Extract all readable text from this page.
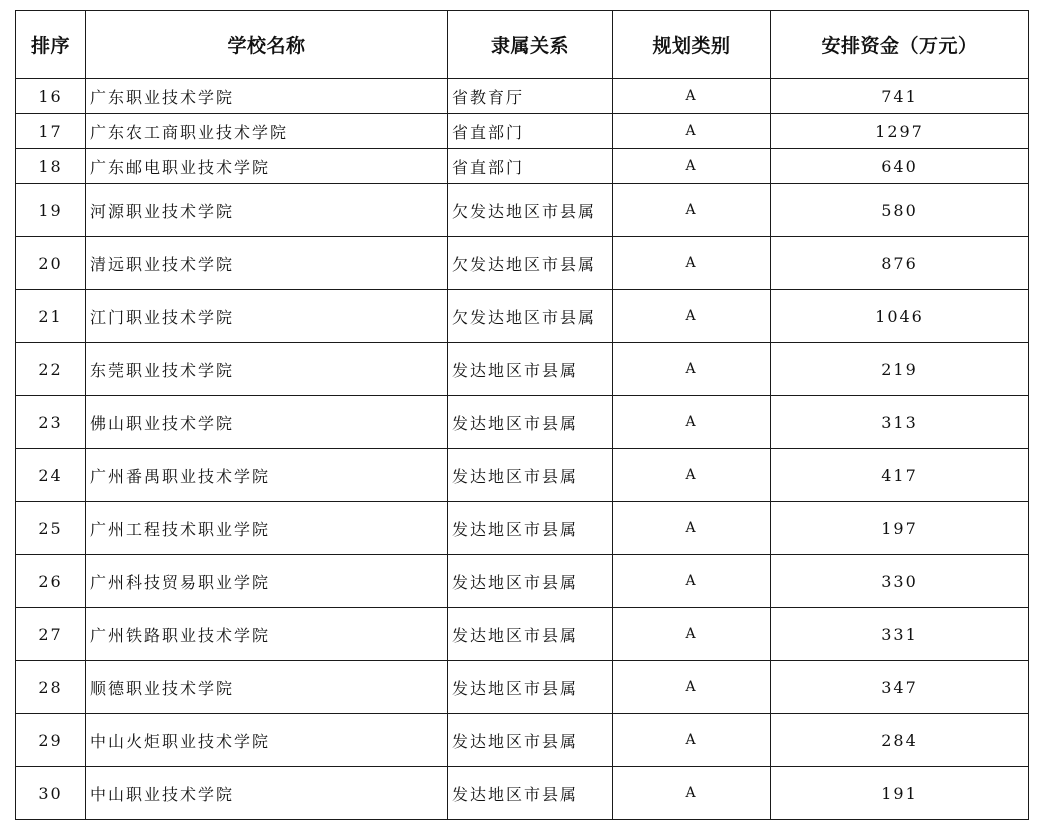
排序	学校名称	隶属关系	规划类别	安排资金（万元）
16	广东职业技术学院	省教育厅	A	741
17	广东农工商职业技术学院	省直部门	A	1297
18	广东邮电职业技术学院	省直部门	A	640
19	河源职业技术学院	欠发达地区市县属	A	580
20	清远职业技术学院	欠发达地区市县属	A	876
21	江门职业技术学院	欠发达地区市县属	A	1046
22	东莞职业技术学院	发达地区市县属	A	219
23	佛山职业技术学院	发达地区市县属	A	313
24	广州番禺职业技术学院	发达地区市县属	A	417
25	广州工程技术职业学院	发达地区市县属	A	197
26	广州科技贸易职业学院	发达地区市县属	A	330
27	广州铁路职业技术学院	发达地区市县属	A	331
28	顺德职业技术学院	发达地区市县属	A	347
29	中山火炬职业技术学院	发达地区市县属	A	284
30	中山职业技术学院	发达地区市县属	A	191
